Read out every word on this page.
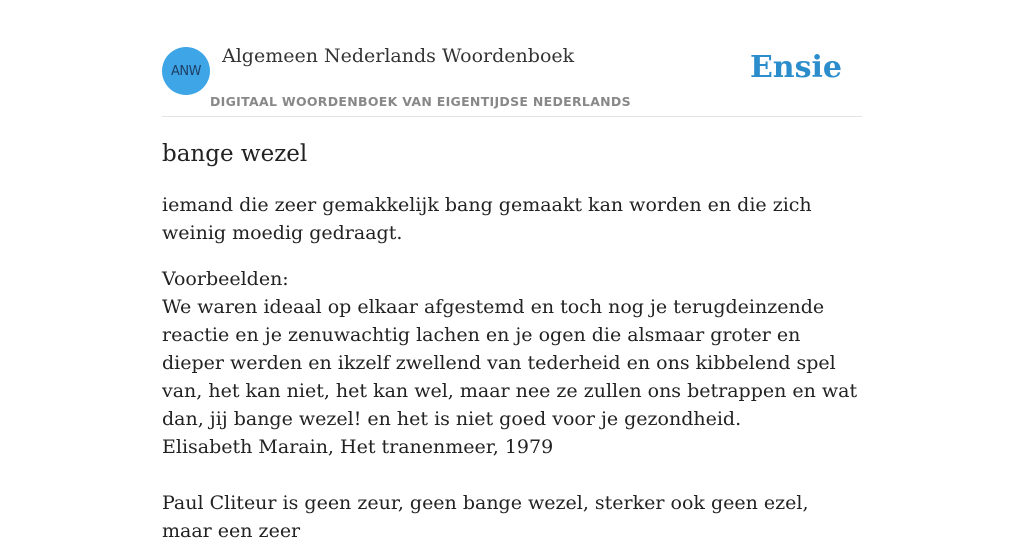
ANW
Algemeen Nederlands Woordenboek
DIGITAAL WOORDENBOEK VAN EIGENTIJDSE NEDERLANDS
Ensie
bange wezel

iemand die zeer gemakkelijk bang gemaakt kan worden en die zich weinig moedig gedraagt.

Voorbeelden:

We waren ideaal op elkaar afgestemd en toch nog je terugdeinzende reactie en je zenuwachtig lachen en je ogen die alsmaar groter en dieper werden en ikzelf zwellend van tederheid en ons kibbelend spel van, het kan niet, het kan wel, maar nee ze zullen ons betrappen en wat dan, jij bange wezel! en het is niet goed voor je gezondheid.

Elisabeth Marain, Het tranenmeer, 1979

Paul Cliteur is geen zeur, geen bange wezel, sterker ook geen ezel, maar een zeer
